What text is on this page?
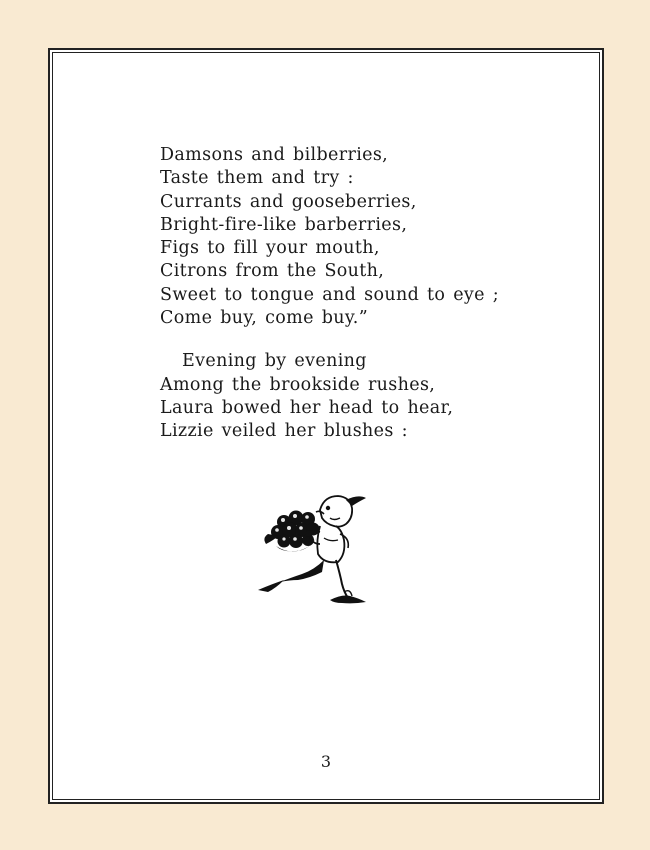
Damsons and bilberries,
Taste them and try :
Currants and gooseberries,
Bright-fire-like barberries,
Figs to fill your mouth,
Citrons from the South,
Sweet to tongue and sound to eye ;
Come buy, come buy.”

Evening by evening
Among the brookside rushes,
Laura bowed her head to hear,
Lizzie veiled her blushes :

3
